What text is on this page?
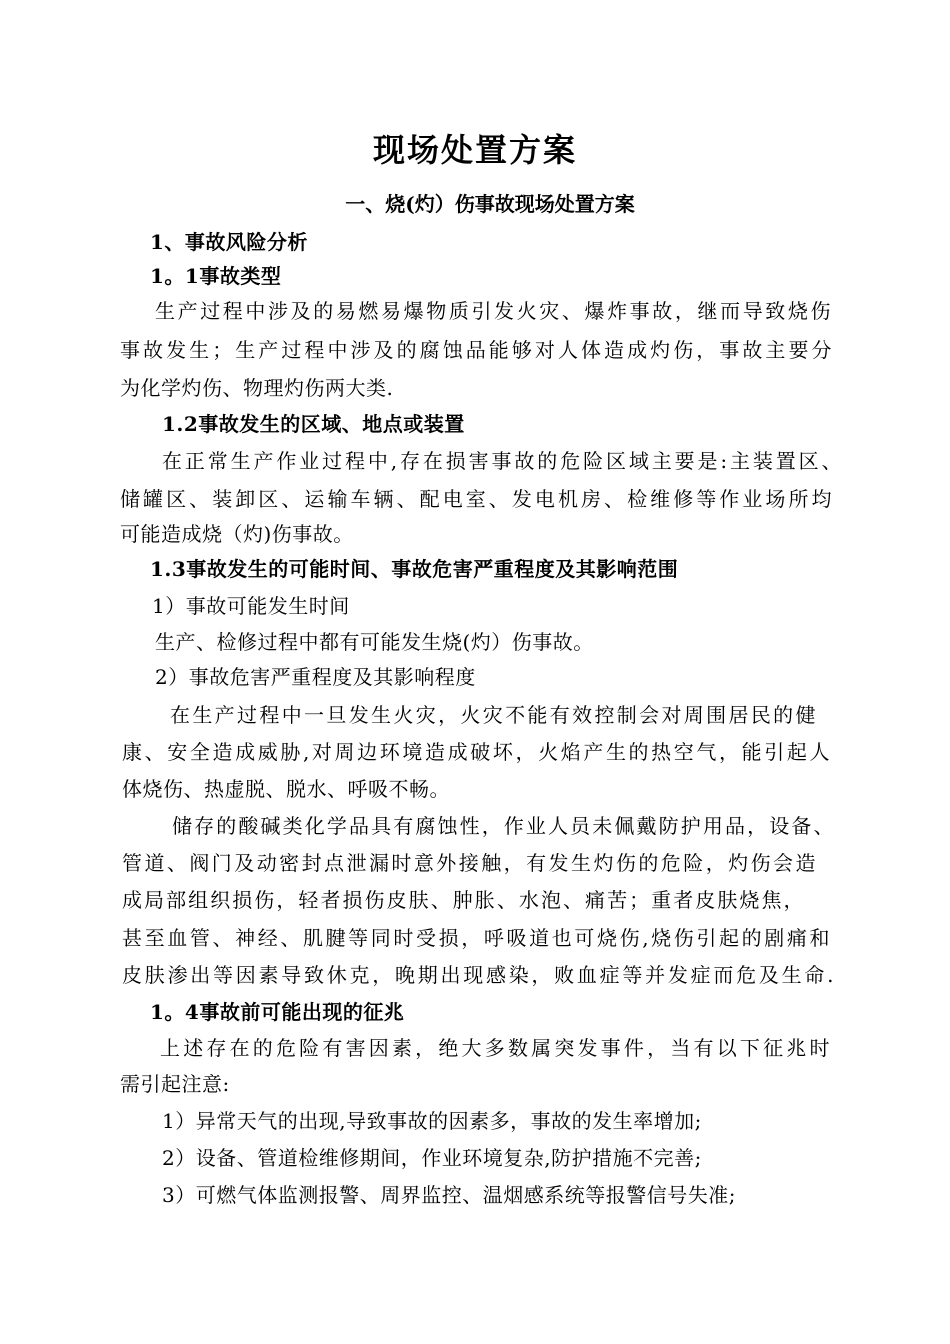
现场处置方案
一、烧(灼）伤事故现场处置方案
1、事故风险分析
1。1事故类型
生产过程中涉及的易燃易爆物质引发火灾、爆炸事故，继而导致烧伤
事故发生；生产过程中涉及的腐蚀品能够对人体造成灼伤，事故主要分
为化学灼伤、物理灼伤两大类.
1.2事故发生的区域、地点或装置
在正常生产作业过程中,存在损害事故的危险区域主要是:主装置区、
储罐区、装卸区、运输车辆、配电室、发电机房、检维修等作业场所均
可能造成烧（灼)伤事故。
1.3事故发生的可能时间、事故危害严重程度及其影响范围
1）事故可能发生时间
生产、检修过程中都有可能发生烧(灼）伤事故。
2）事故危害严重程度及其影响程度
在生产过程中一旦发生火灾，火灾不能有效控制会对周围居民的健
康、安全造成威胁,对周边环境造成破坏，火焰产生的热空气，能引起人
体烧伤、热虚脱、脱水、呼吸不畅。
储存的酸碱类化学品具有腐蚀性，作业人员未佩戴防护用品，设备、
管道、阀门及动密封点泄漏时意外接触，有发生灼伤的危险，灼伤会造
成局部组织损伤，轻者损伤皮肤、肿胀、水泡、痛苦；重者皮肤烧焦，
甚至血管、神经、肌腱等同时受损，呼吸道也可烧伤,烧伤引起的剧痛和
皮肤渗出等因素导致休克，晚期出现感染，败血症等并发症而危及生命.
1。4事故前可能出现的征兆
上述存在的危险有害因素，绝大多数属突发事件，当有以下征兆时
需引起注意:
1）异常天气的出现,导致事故的因素多，事故的发生率增加;
2）设备、管道检维修期间，作业环境复杂,防护措施不完善;
3）可燃气体监测报警、周界监控、温烟感系统等报警信号失准;
